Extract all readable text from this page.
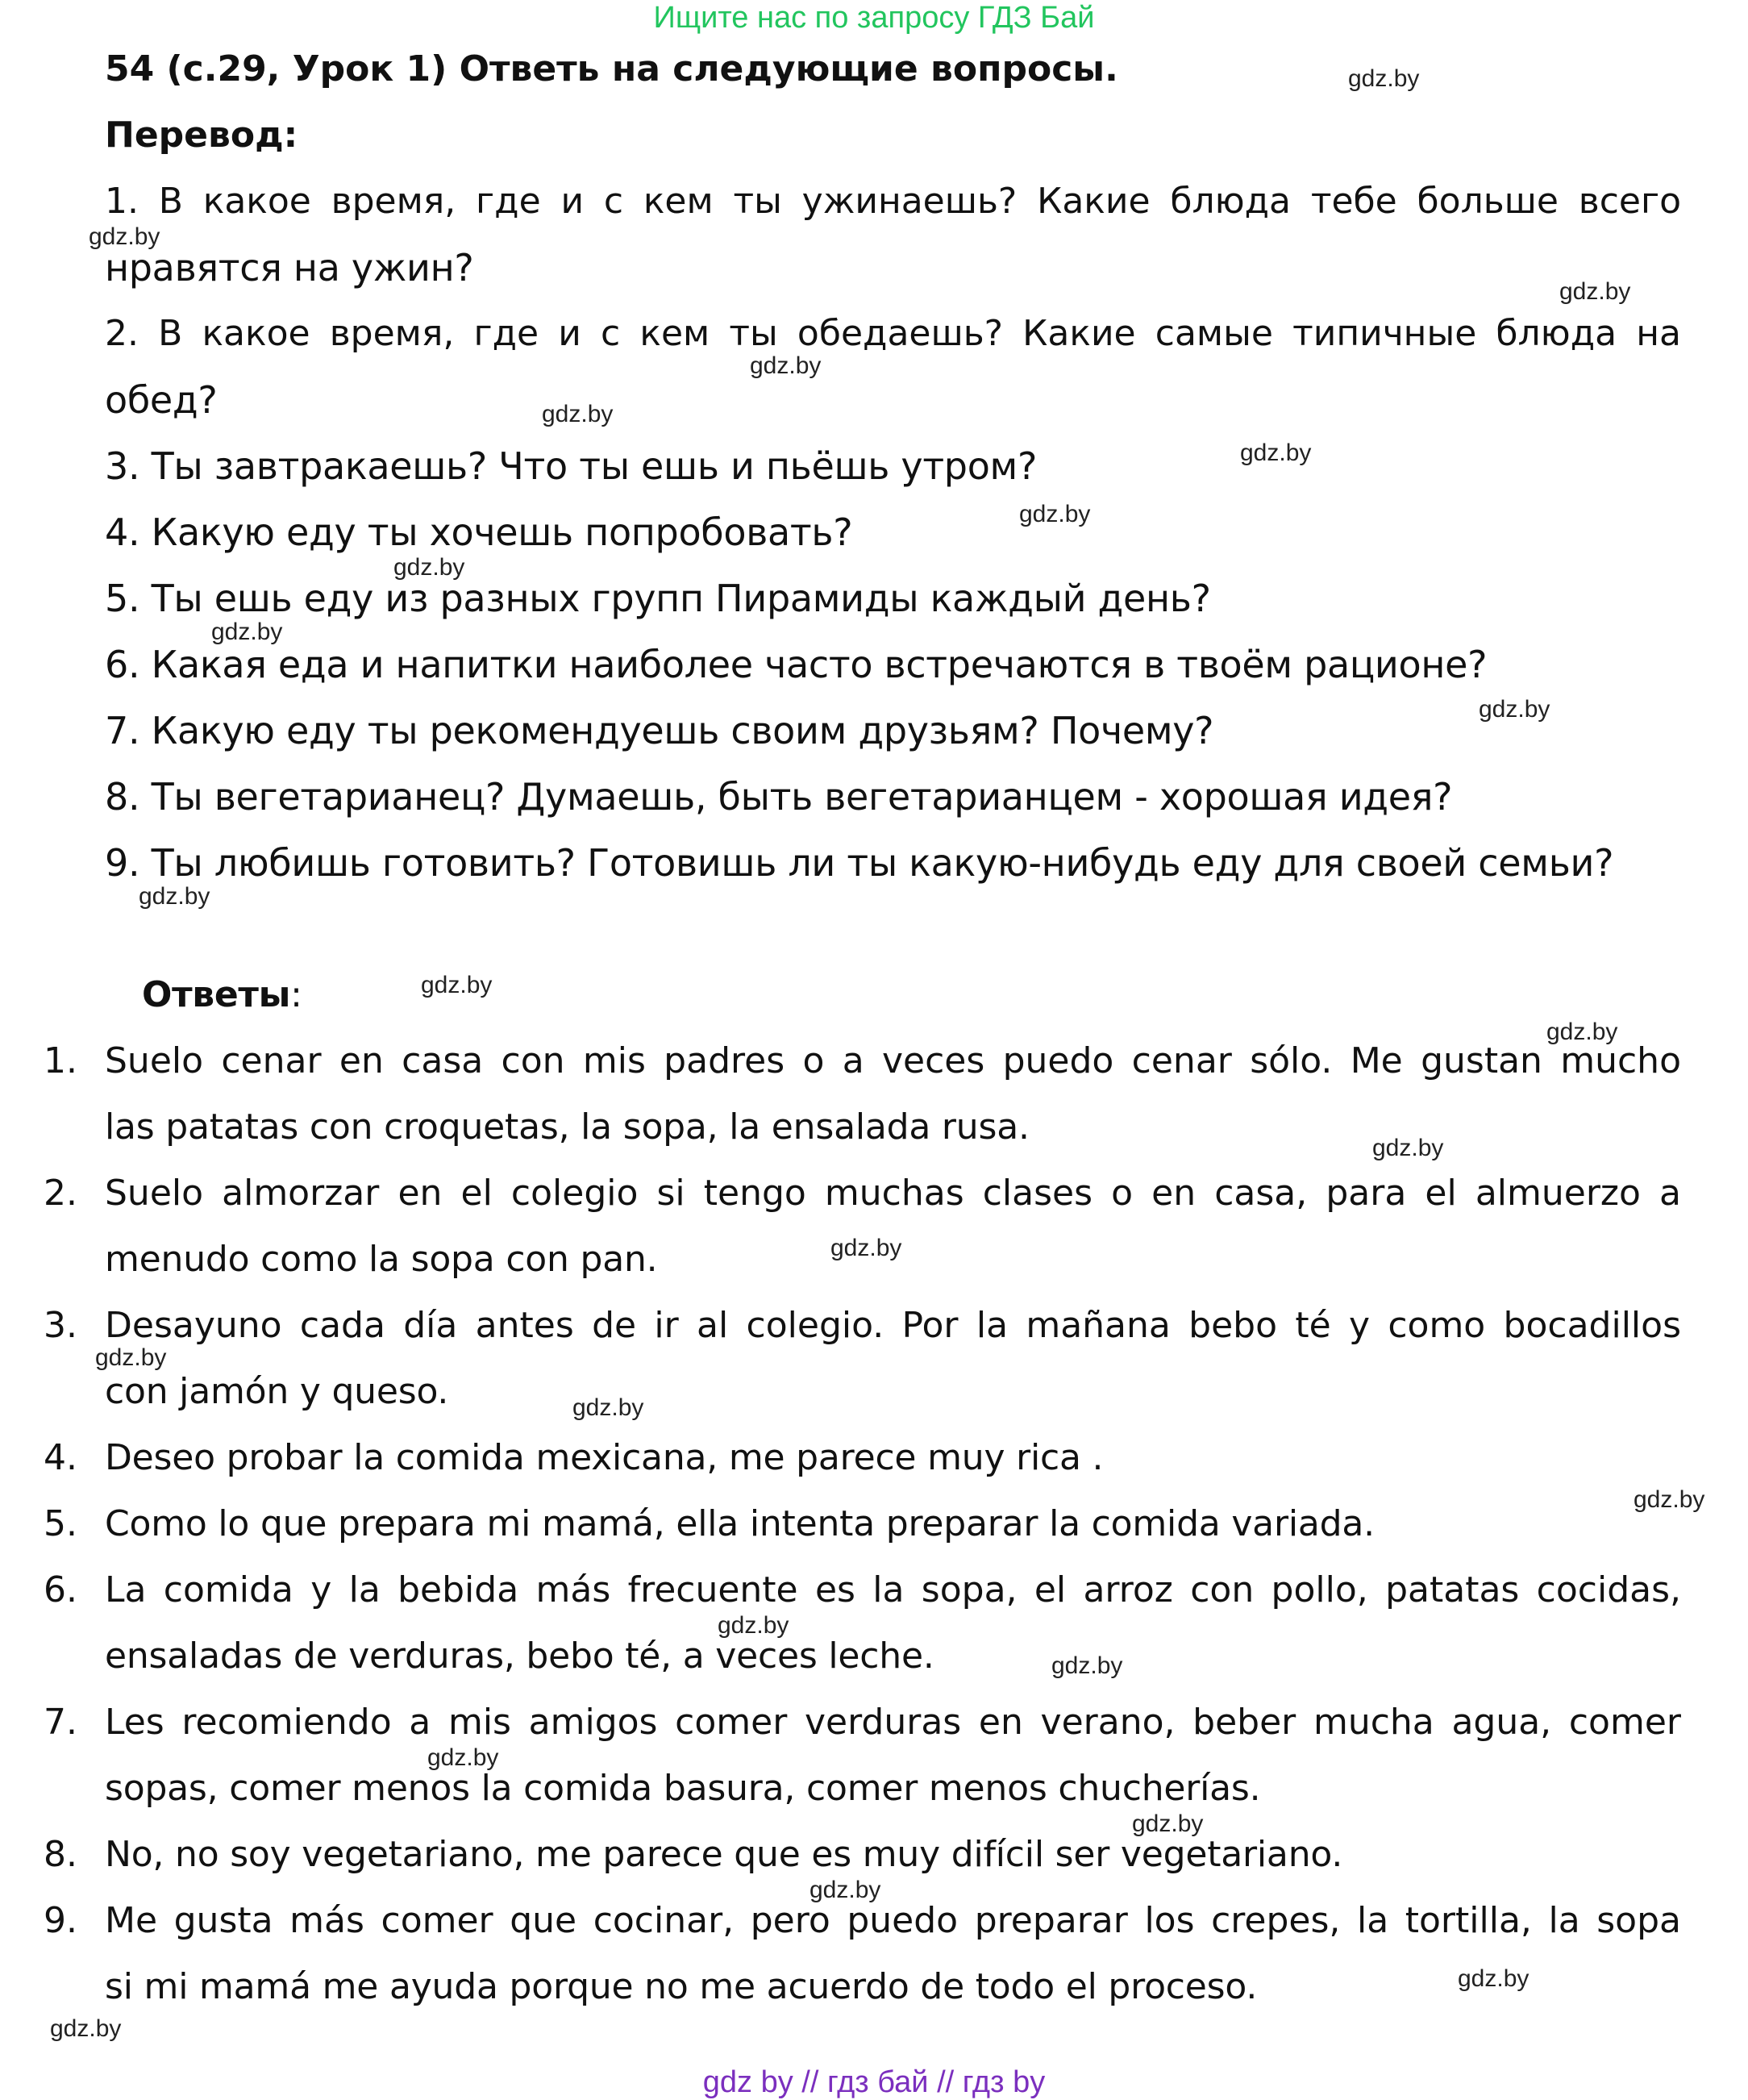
Ищите нас по запросу ГДЗ Бай
54 (с.29, Урок 1) Ответь на следующие вопросы.
Перевод:
1. В какое время, где и с кем ты ужинаешь? Какие блюда тебе больше всего
нравятся на ужин?
2. В какое время, где и с кем ты обедаешь? Какие самые типичные блюда на
обед?
3. Ты завтракаешь? Что ты ешь и пьёшь утром?
4. Какую еду ты хочешь попробовать?
5. Ты ешь еду из разных групп Пирамиды каждый день?
6. Какая еда и напитки наиболее часто встречаются в твоём рационе?
7. Какую еду ты рекомендуешь своим друзьям? Почему?
8. Ты вегетарианец? Думаешь, быть вегетарианцем - хорошая идея?
9. Ты любишь готовить? Готовишь ли ты какую-нибудь еду для своей семьи?
Ответы:
1. Suelo cenar en casa con mis padres o a veces puedo cenar sólo. Me gustan mucho
las patatas con croquetas, la sopa, la ensalada rusa.
2. Suelo almorzar en el colegio si tengo muchas clases o en casa, para el almuerzo a
menudo como la sopa con pan.
3. Desayuno cada día antes de ir al colegio. Por la mañana bebo té y como bocadillos
con jamón y queso.
4. Deseo probar la comida mexicana, me parece muy rica .
5. Como lo que prepara mi mamá, ella intenta preparar la comida variada.
6. La comida y la bebida más frecuente es la sopa, el arroz con pollo, patatas cocidas,
ensaladas de verduras, bebo té, a veces leche.
7. Les recomiendo a mis amigos comer verduras en verano, beber mucha agua, comer
sopas, comer menos la comida basura, comer menos chucherías.
8. No, no soy vegetariano, me parece que es muy difícil ser vegetariano.
9. Me gusta más comer que cocinar, pero puedo preparar los crepes, la tortilla, la sopa
si mi mamá me ayuda porque no me acuerdo de todo el proceso.
gdz.by
gdz.by
gdz.by
gdz.by
gdz.by
gdz.by
gdz.by
gdz.by
gdz.by
gdz.by
gdz.by
gdz.by
gdz.by
gdz.by
gdz.by
gdz.by
gdz.by
gdz.by
gdz.by
gdz.by
gdz.by
gdz.by
gdz.by
gdz.by
gdz.by
gdz by // гдз бай // гдз by
